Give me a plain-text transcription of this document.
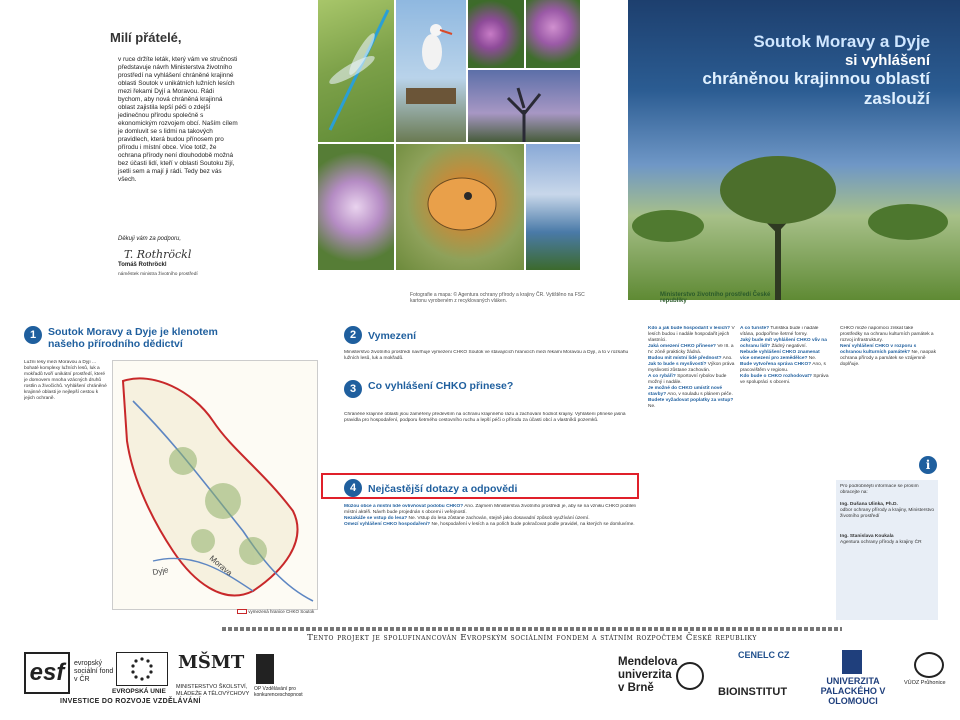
Milí přátelé,
v ruce držíte leták, který vám ve stručnosti představuje návrh Ministerstva životního prostředí na vyhlášení chráněné krajinné oblasti Soutok v unikátních lužních lesích mezi řekami Dyjí a Moravou. Rádi bychom, aby nová chráněná krajinná oblast zajistila lepší péči o zdejší jedinečnou přírodu společně s ekonomickým rozvojem obcí. Naším cílem je domluvit se s lidmi na takových pravidlech, která budou přínosem pro přírodu i místní obce. Více totiž, že ochrana přírody není dlouhodobě možná bez účasti lidí, kteří v oblasti Soutoku žijí, jsetli sem a mají ji rádi. Tedy bez vás všech.
T. Rothröckl
Děkuji vám za podporu,
Tomáš Rothröckl
náměstek ministra životního prostředí
Soutok Moravy a Dyje
si vyhlášení
chráněnou krajinnou oblastí
zaslouží
Fotografie a mapa: © Agentura ochrany přírody a krajiny ČR. Vytištěno na FSC kartonu vyrobeném z recyklovaných vláken.
Ministerstvo životního prostředí České republiky
1	Soutok Moravy a Dyje je klenotem našeho přírodního dědictví
Lužní lesy mezi Moravou a Dyjí ... bohaté komplexy lužních lesů, luk a mokřadů tvoří unikátní prostředí, které je domovem mnoha vzácných druhů rostlin a živočichů. Vyhlášení chráněné krajinné oblasti je nejlepší cestou k jejich ochraně.
Morava
Dyje
vymezená hranice CHKO Soutok
2	Vymezení
Ministerstvo životního prostředí navrhuje vymezení CHKO Soutok ve stávajících hranicích mezi řekami Moravou a Dyjí, a to v rozsahu lužních lesů, luk a mokřadů.
3	Co vyhlášení CHKO přinese?
Chráněné krajinné oblasti jsou zaměřeny především na ochranu krajinného rázu a zachování hodnot krajiny. Vyhlášení přinese jasná pravidla pro hospodaření, podporu šetrného cestovního ruchu a lepší péči o přírodu za účasti obcí a vlastníků pozemků.
4	Nejčastější dotazy a odpovědi
Můžou obce a místní lidé ovlivňovat podobu CHKO? Ano. Zájmem Ministerstva životního prostředí je, aby se na vzniku CHKO podíleli místní aktéři. Návrh bude projednán s obcemi i veřejností.
Nezakáže se vstup do lesa? Ne. Vstup do lesa zůstane zachován, stejně jako dosavadní způsob využívání území.
Omezí vyhlášení CHKO hospodaření? Ne, hospodaření v lesích a na polích bude pokračovat podle pravidel, na kterých se domluvíme.
Kdo a jak bude hospodařit v lesích? V lesích budou i nadále hospodařit jejich vlastníci.
Jaká omezení CHKO přinese? Ve III. a IV. zóně prakticky žádná.
Budou mít místní lidé přednost? Ano.
Jak to bude s myslivostí? Výkon práva myslivosti zůstane zachován.
A co rybáři? Sportovní rybolov bude možný i nadále.
Je možné do CHKO umístit nové stavby? Ano, v souladu s plánem péče.
Budete vyžadovat poplatky za vstup? Ne.
A co turisté? Turistika bude i nadále vítána, podpoříme šetrné formy.
Jaký bude mít vyhlášení CHKO vliv na ochranu lidí? Žádný negativní.
Nebude vyhlášení CHKO znamenat více omezení pro zemědělce? Ne.
Bude vytvořena správa CHKO? Ano, s pracovištěm v regionu.
Kdo bude o CHKO rozhodovat? Správa ve spolupráci s obcemi.
CHKO může napomoci získat také prostředky na ochranu kulturních památek a rozvoj infrastruktury.
Není vyhlášení CHKO v rozporu s ochranou kulturních památek? Ne, naopak ochrana přírody a památek se vzájemně doplňuje.
i
Pro podrobnější informace se prosím obracejte na:
Ing. Dušana Ulinka, Ph.D.
odbor ochrany přírody a krajiny, Ministerstvo životního prostředí
Ing. Stanislava Koukala
Agentura ochrany přírody a krajiny ČR
Tento projekt je spolufinancován Evropským sociálním fondem a státním rozpočtem České republiky
esf	evropský sociální fond v ČR
EVROPSKÁ UNIE
MŠMT
MINISTERSTVO ŠKOLSTVÍ, MLÁDEŽE A TĚLOVÝCHOVY
OP Vzdělávání pro konkurenceschopnost
INVESTICE DO ROZVOJE VZDĚLÁVÁNÍ
Mendelova univerzita v Brně
CENELC CZ
BIOINSTITUT
UNIVERZITA PALACKÉHO V OLOMOUCI
VÚOZ Průhonice
